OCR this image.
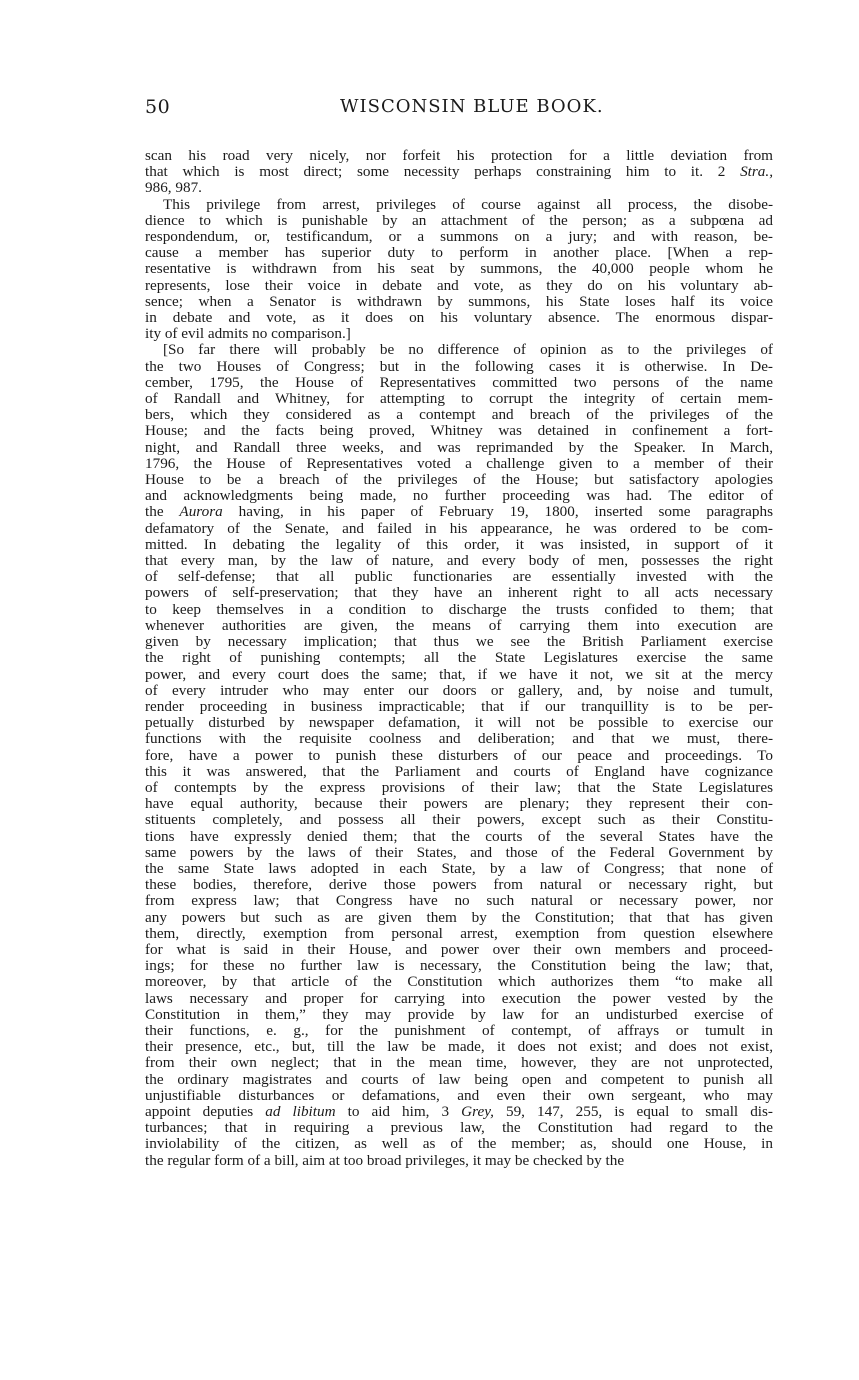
50	WISCONSIN BLUE BOOK.
scan his road very nicely, nor forfeit his protection for a little deviation from
that which is most direct; some necessity perhaps constraining him to it. 2 Stra.,
986, 987.
This privilege from arrest, privileges of course against all process, the disobe-
dience to which is punishable by an attachment of the person; as a subpœna ad
respondendum, or, testificandum, or a summons on a jury; and with reason, be-
cause a member has superior duty to perform in another place. [When a rep-
resentative is withdrawn from his seat by summons, the 40,000 people whom he
represents, lose their voice in debate and vote, as they do on his voluntary ab-
sence; when a Senator is withdrawn by summons, his State loses half its voice
in debate and vote, as it does on his voluntary absence. The enormous dispar-
ity of evil admits no comparison.]
[So far there will probably be no difference of opinion as to the privileges of
the two Houses of Congress; but in the following cases it is otherwise. In De-
cember, 1795, the House of Representatives committed two persons of the name
of Randall and Whitney, for attempting to corrupt the integrity of certain mem-
bers, which they considered as a contempt and breach of the privileges of the
House; and the facts being proved, Whitney was detained in confinement a fort-
night, and Randall three weeks, and was reprimanded by the Speaker. In March,
1796, the House of Representatives voted a challenge given to a member of their
House to be a breach of the privileges of the House; but satisfactory apologies
and acknowledgments being made, no further proceeding was had. The editor of
the Aurora having, in his paper of February 19, 1800, inserted some paragraphs
defamatory of the Senate, and failed in his appearance, he was ordered to be com-
mitted. In debating the legality of this order, it was insisted, in support of it
that every man, by the law of nature, and every body of men, possesses the right
of self-defense; that all public functionaries are essentially invested with the
powers of self-preservation; that they have an inherent right to all acts necessary
to keep themselves in a condition to discharge the trusts confided to them; that
whenever authorities are given, the means of carrying them into execution are
given by necessary implication; that thus we see the British Parliament exercise
the right of punishing contempts; all the State Legislatures exercise the same
power, and every court does the same; that, if we have it not, we sit at the mercy
of every intruder who may enter our doors or gallery, and, by noise and tumult,
render proceeding in business impracticable; that if our tranquillity is to be per-
petually disturbed by newspaper defamation, it will not be possible to exercise our
functions with the requisite coolness and deliberation; and that we must, there-
fore, have a power to punish these disturbers of our peace and proceedings. To
this it was answered, that the Parliament and courts of England have cognizance
of contempts by the express provisions of their law; that the State Legislatures
have equal authority, because their powers are plenary; they represent their con-
stituents completely, and possess all their powers, except such as their Constitu-
tions have expressly denied them; that the courts of the several States have the
same powers by the laws of their States, and those of the Federal Government by
the same State laws adopted in each State, by a law of Congress; that none of
these bodies, therefore, derive those powers from natural or necessary right, but
from express law; that Congress have no such natural or necessary power, nor
any powers but such as are given them by the Constitution; that that has given
them, directly, exemption from personal arrest, exemption from question elsewhere
for what is said in their House, and power over their own members and proceed-
ings; for these no further law is necessary, the Constitution being the law; that,
moreover, by that article of the Constitution which authorizes them “to make all
laws necessary and proper for carrying into execution the power vested by the
Constitution in them,” they may provide by law for an undisturbed exercise of
their functions, e. g., for the punishment of contempt, of affrays or tumult in
their presence, etc., but, till the law be made, it does not exist; and does not exist,
from their own neglect; that in the mean time, however, they are not unprotected,
the ordinary magistrates and courts of law being open and competent to punish all
unjustifiable disturbances or defamations, and even their own sergeant, who may
appoint deputies ad libitum to aid him, 3 Grey, 59, 147, 255, is equal to small dis-
turbances; that in requiring a previous law, the Constitution had regard to the
inviolability of the citizen, as well as of the member; as, should one House, in
the regular form of a bill, aim at too broad privileges, it may be checked by the
